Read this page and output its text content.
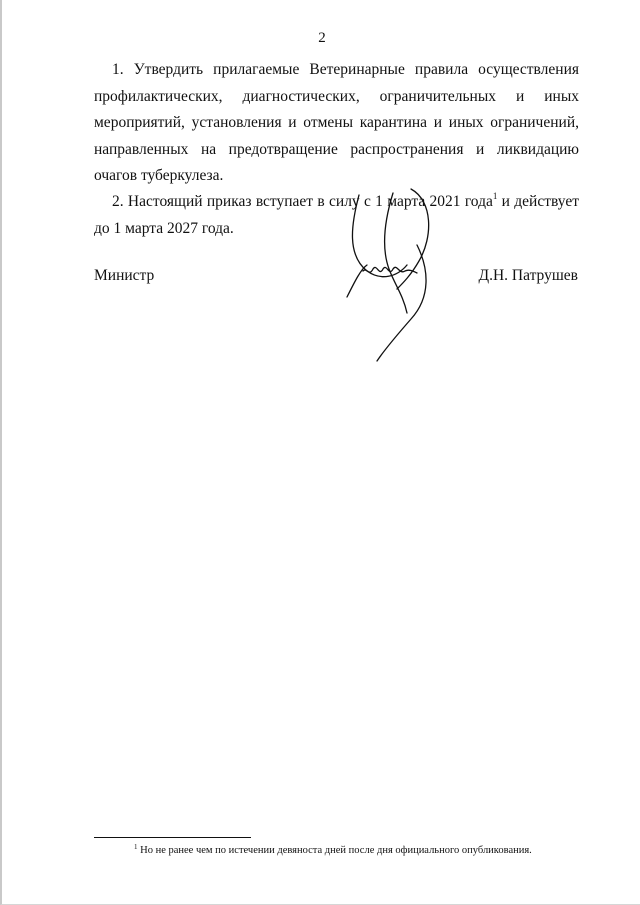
2

1. Утвердить прилагаемые Ветеринарные правила осуществления профилактических, диагностических, ограничительных и иных мероприятий, установления и отмены карантина и иных ограничений, направленных на предотвращение распространения и ликвидацию очагов туберкулеза.

2. Настоящий приказ вступает в силу с 1 марта 2021 года$^1$ и действует до 1 марта 2027 года.

Министр	Д.Н. Патрушев
$^1$ Но не ранее чем по истечении девяноста дней после дня официального опубликования.
